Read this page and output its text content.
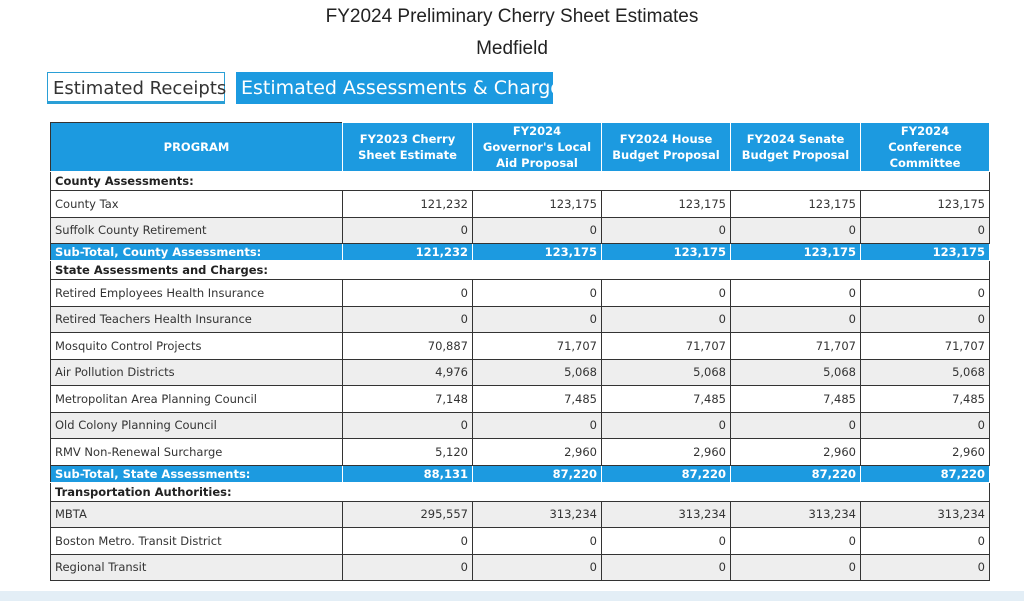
FY2024 Preliminary Cherry Sheet Estimates
Medfield
Estimated Receipts Estimated Assessments & Charges
PROGRAM	FY2023 Cherry Sheet Estimate	FY2024 Governor's Local Aid Proposal	FY2024 House Budget Proposal	FY2024 Senate Budget Proposal	FY2024 Conference Committee
County Assessments:					
County Tax	121,232	123,175	123,175	123,175	123,175
Suffolk County Retirement	0	0	0	0	0
Sub-Total, County Assessments:	121,232	123,175	123,175	123,175	123,175
State Assessments and Charges:					
Retired Employees Health Insurance	0	0	0	0	0
Retired Teachers Health Insurance	0	0	0	0	0
Mosquito Control Projects	70,887	71,707	71,707	71,707	71,707
Air Pollution Districts	4,976	5,068	5,068	5,068	5,068
Metropolitan Area Planning Council	7,148	7,485	7,485	7,485	7,485
Old Colony Planning Council	0	0	0	0	0
RMV Non-Renewal Surcharge	5,120	2,960	2,960	2,960	2,960
Sub-Total, State Assessments:	88,131	87,220	87,220	87,220	87,220
Transportation Authorities:					
MBTA	295,557	313,234	313,234	313,234	313,234
Boston Metro. Transit District	0	0	0	0	0
Regional Transit	0	0	0	0	0
